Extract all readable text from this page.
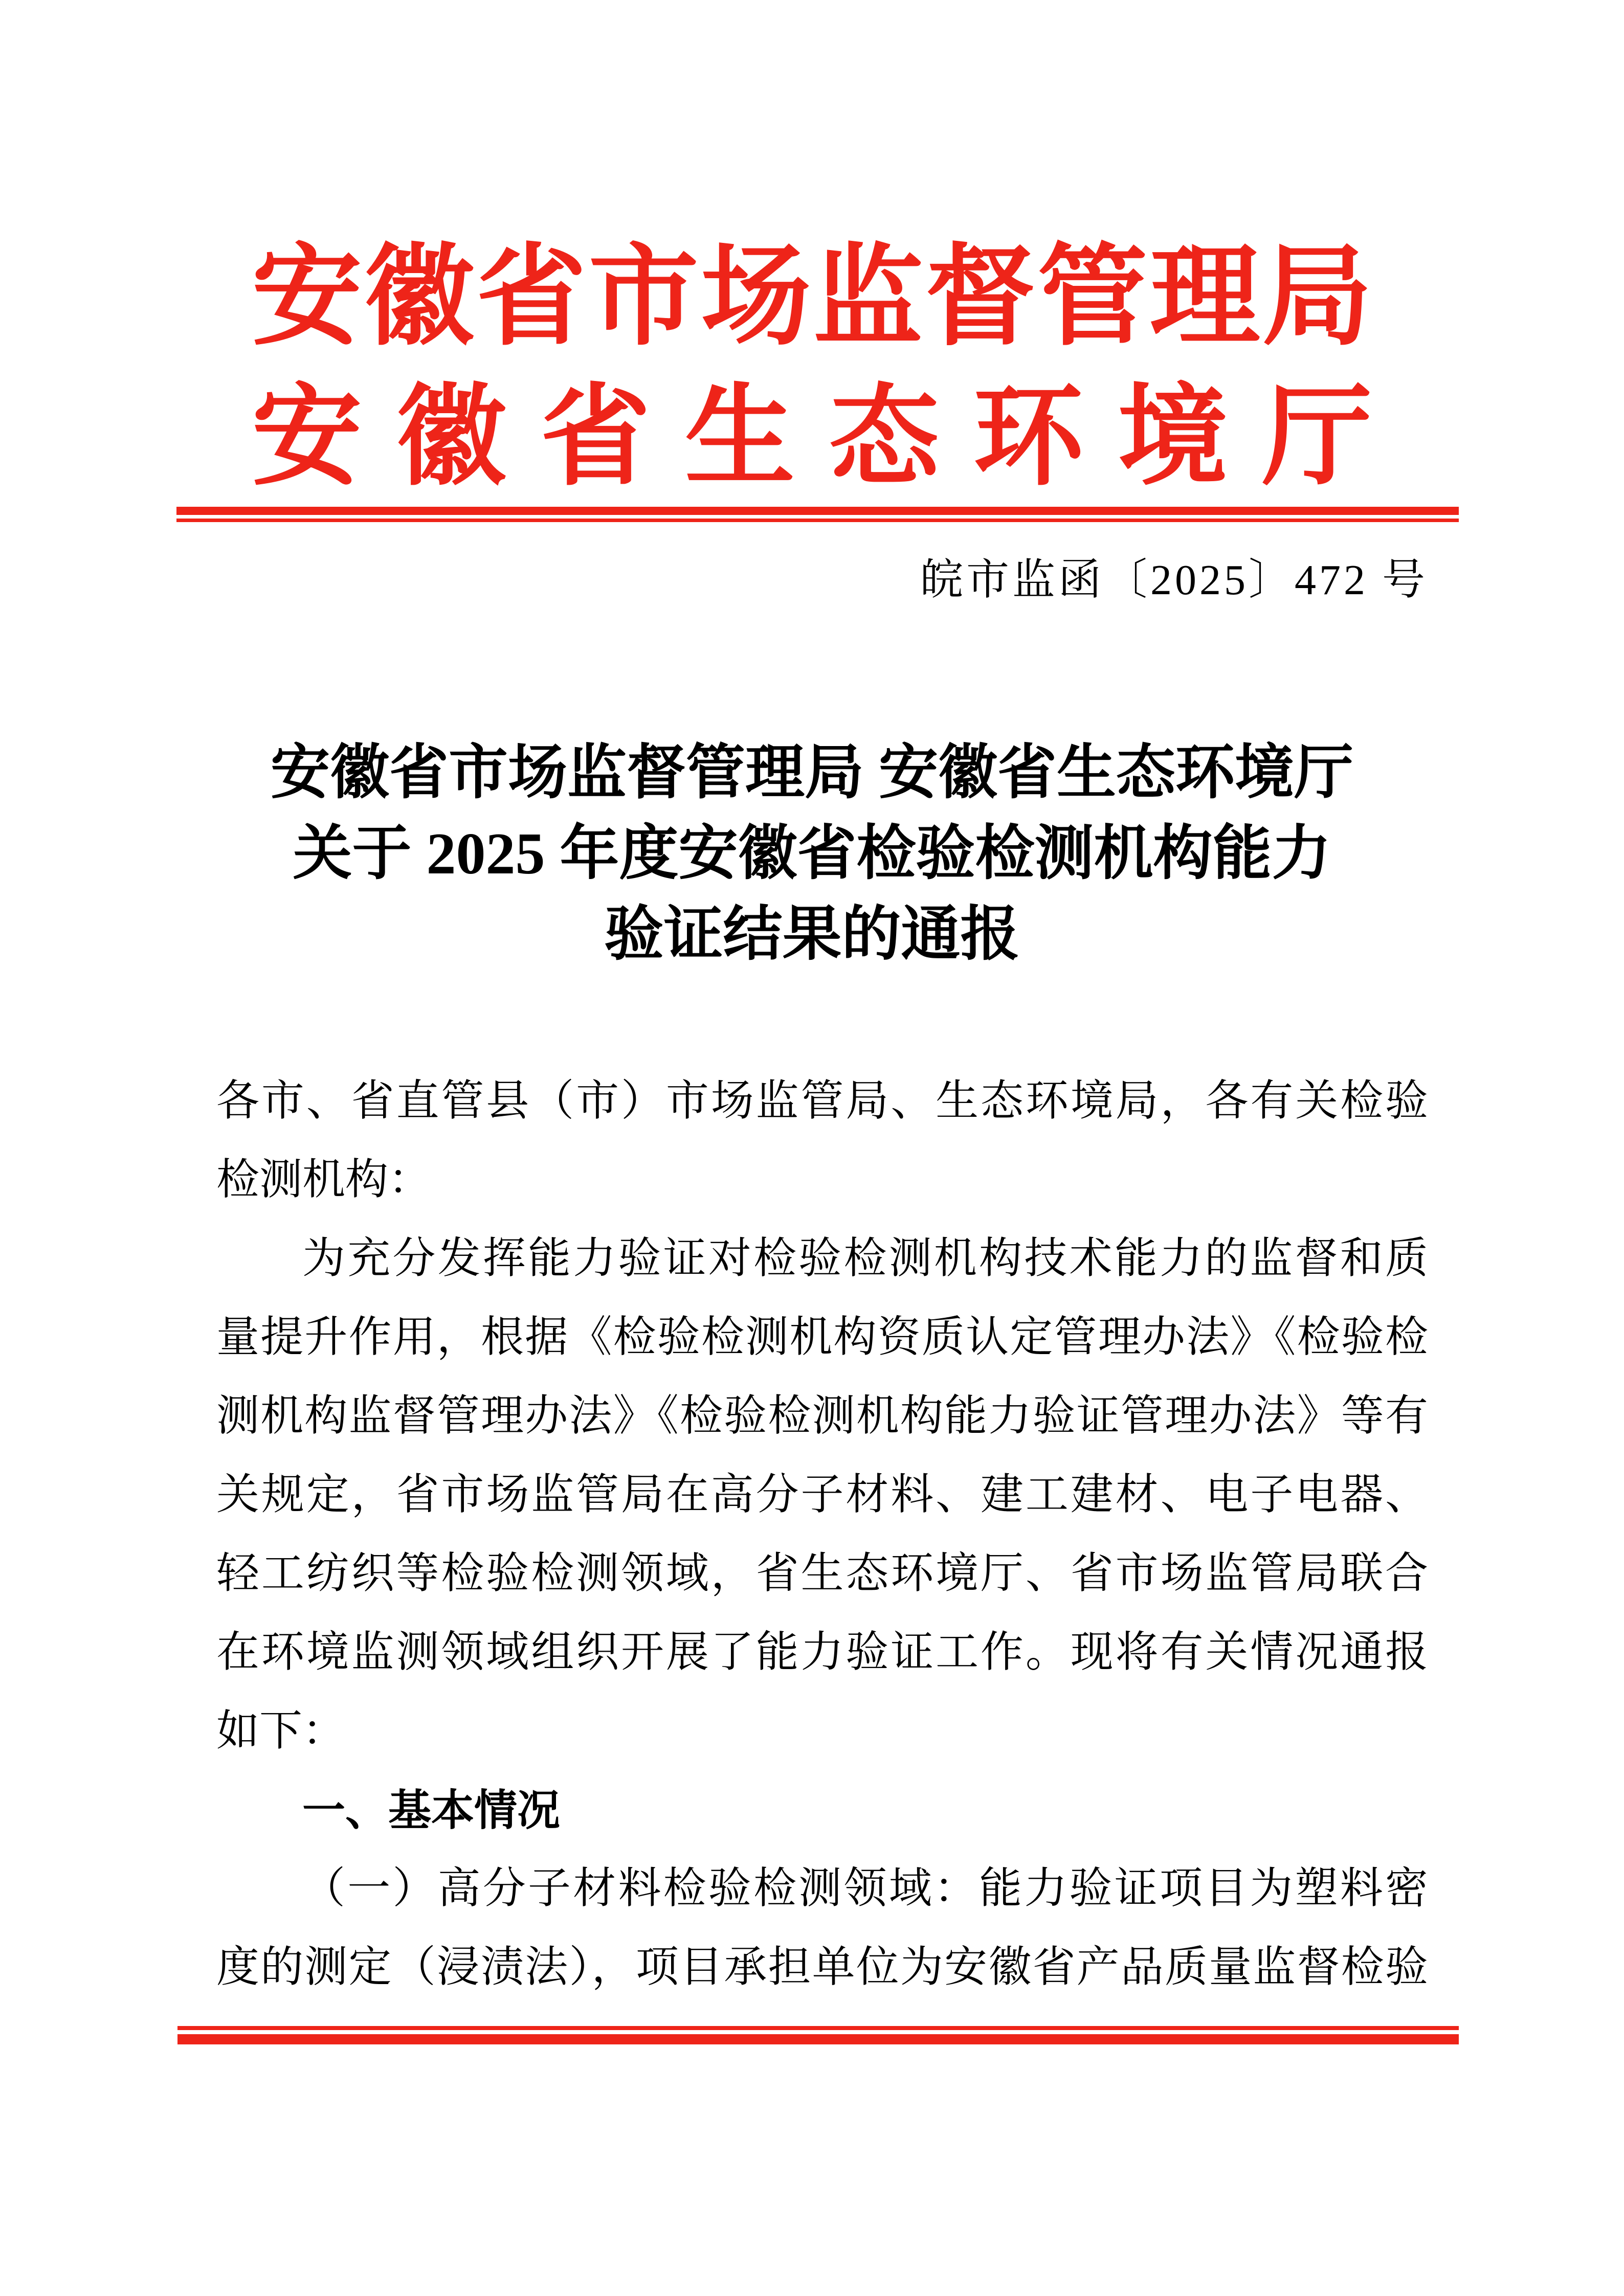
安 徽 省 市 场 监 督 管 理 局
安 徽 省 生 态 环 境 厅
皖市监函〔2025〕472 号
安徽省市场监督管理局 安徽省生态环境厅
关于 2025 年度安徽省检验检测机构能力
验证结果的通报
各市、省直管县（市）市场监管局、生态环境局，各有关检验
检测机构：
为充分发挥能力验证对检验检测机构技术能力的监督和质
量提升作用，根据《检验检测机构资质认定管理办法》《检验检
测机构监督管理办法》《检验检测机构能力验证管理办法》等有
关规定，省市场监管局在高分子材料、建工建材、电子电器、
轻工纺织等检验检测领域，省生态环境厅、省市场监管局联合
在环境监测领域组织开展了能力验证工作。现将有关情况通报
如下：
一、基本情况
（一）高分子材料检验检测领域：能力验证项目为塑料密
度的测定（浸渍法），项目承担单位为安徽省产品质量监督检验
